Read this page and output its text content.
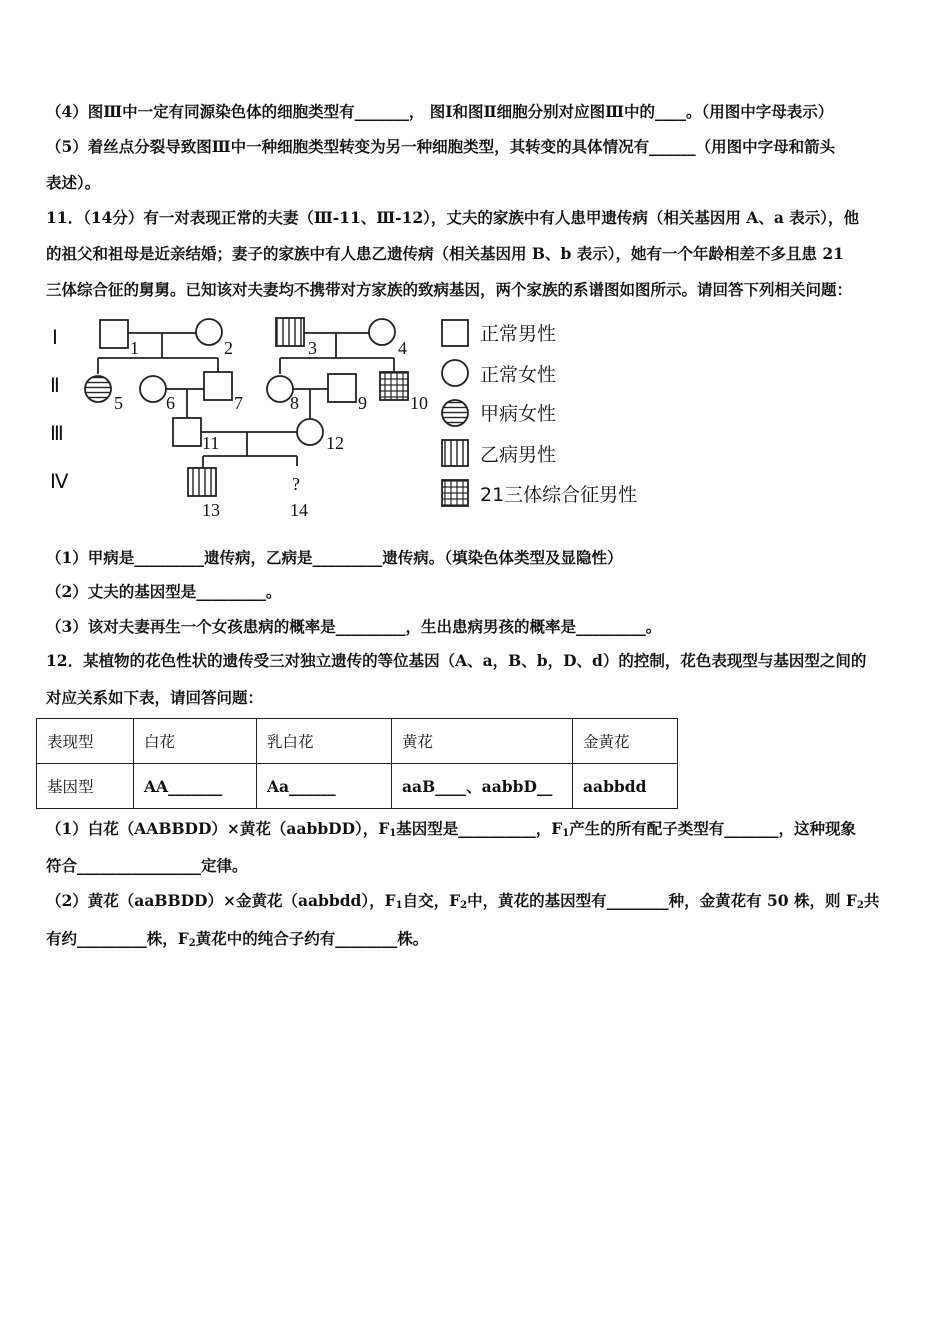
（4）图Ⅲ中一定有同源染色体的细胞类型有_______， 图Ⅰ和图Ⅱ细胞分别对应图Ⅲ中的____。（用图中字母表示）
（5）着丝点分裂导致图Ⅲ中一种细胞类型转变为另一种细胞类型，其转变的具体情况有______（用图中字母和箭头
表述）。
11．（14分）有一对表现正常的夫妻（Ⅲ-11、Ⅲ-12），丈夫的家族中有人患甲遗传病（相关基因用 A、a 表示），他
的祖父和祖母是近亲结婚；妻子的家族中有人患乙遗传病（相关基因用 B、b 表示），她有一个年龄相差不多且患 21
三体综合征的舅舅。已知该对夫妻均不携带对方家族的致病基因，两个家族的系谱图如图所示。请回答下列相关问题：
Ⅰ
Ⅱ
Ⅲ
Ⅳ
1	2	3	4
5 6	7	8	9 10
11	12
13	14
?
正常男性
正常女性
甲病女性
乙病男性
21三体综合征男性
（1）甲病是_________遗传病，乙病是_________遗传病。（填染色体类型及显隐性）
（2）丈夫的基因型是_________。
（3）该对夫妻再生一个女孩患病的概率是_________，生出患病男孩的概率是_________。
12．某植物的花色性状的遗传受三对独立遗传的等位基因（A、a，B、b，D、d）的控制，花色表现型与基因型之间的
对应关系如下表，请回答问题：
表现型	白花	乳白花	黄花	金黄花
基因型	AA_______	Aa______	aaB____、aabbD__	aabbdd
（1）白花（AABBDD）×黄花（aabbDD），$F_1$基因型是__________，$F_1$产生的所有配子类型有_______，这种现象
符合________________定律。
（2）黄花（aaBBDD）×金黄花（aabbdd），$F_1$自交，$F_2$中，黄花的基因型有________种，金黄花有 50 株，则 $F_2$共
有约_________株，$F_2$黄花中的纯合子约有________株。
